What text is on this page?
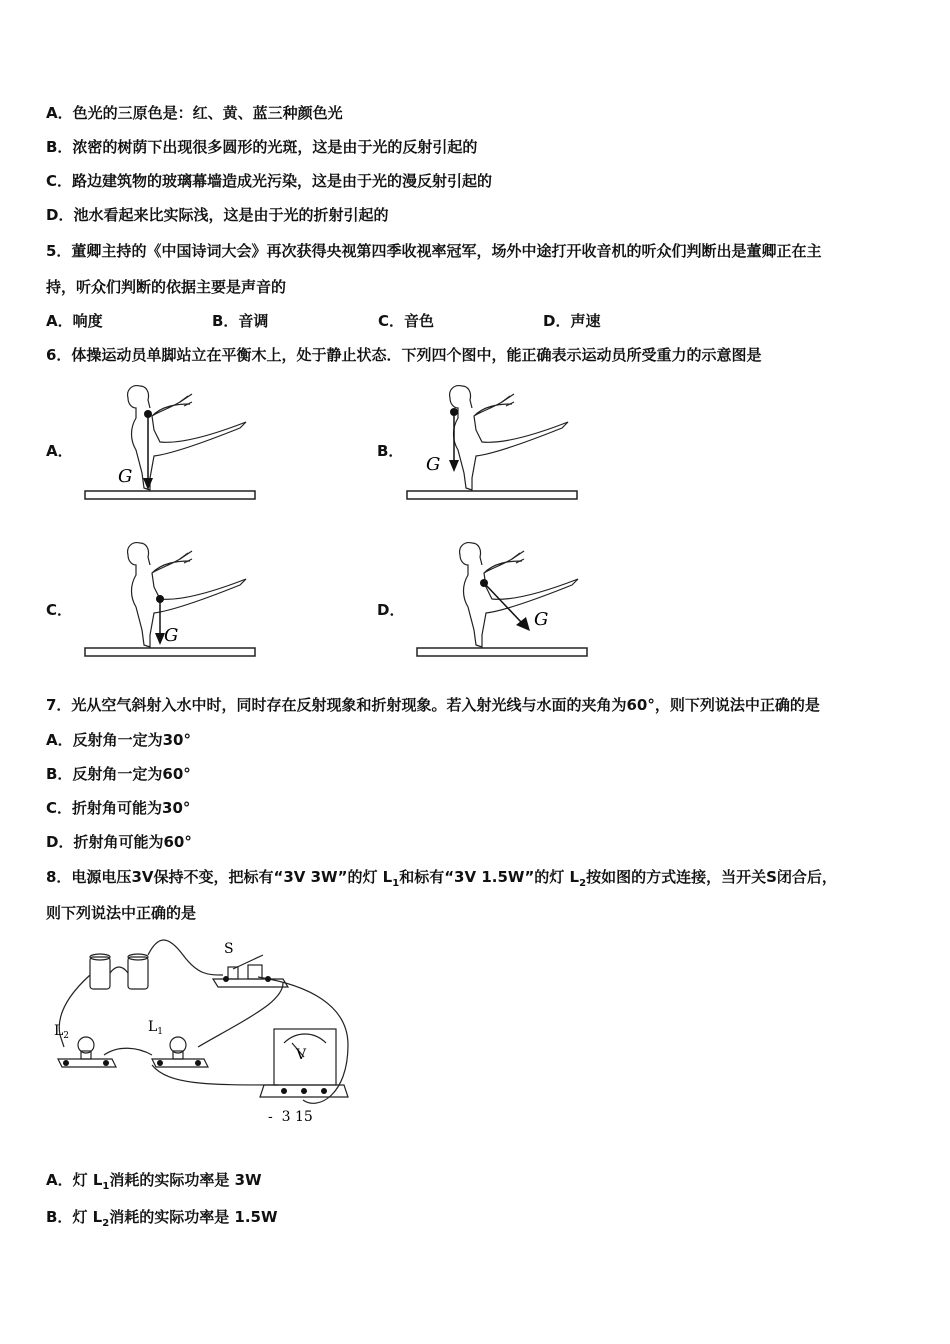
A．色光的三原色是：红、黄、蓝三种颜色光
B．浓密的树荫下出现很多圆形的光斑，这是由于光的反射引起的
C．路边建筑物的玻璃幕墙造成光污染，这是由于光的漫反射引起的
D．池水看起来比实际浅，这是由于光的折射引起的
5．董卿主持的《中国诗词大会》再次获得央视第四季收视率冠军，场外中途打开收音机的听众们判断出是董卿正在主
持，听众们判断的依据主要是声音的
A．响度	B．音调	C．音色	D．声速
6．体操运动员单脚站立在平衡木上，处于静止状态．下列四个图中，能正确表示运动员所受重力的示意图是
A．	B．
C．	D．
G
G
G
G
7．光从空气斜射入水中时，同时存在反射现象和折射现象。若入射光线与水面的夹角为60°，则下列说法中正确的是
A．反射角一定为30°
B．反射角一定为60°
C．折射角可能为30°
D．折射角可能为60°
8．电源电压3V保持不变，把标有“3V 3W”的灯 $L_1$和标有“3V 1.5W”的灯 $L_2$按如图的方式连接，当开关S闭合后，
则下列说法中正确的是
S
$L_2$
$L_1$
V
-  3 15
A．灯 $L_1$消耗的实际功率是 3W
B．灯 $L_2$消耗的实际功率是 1.5W
